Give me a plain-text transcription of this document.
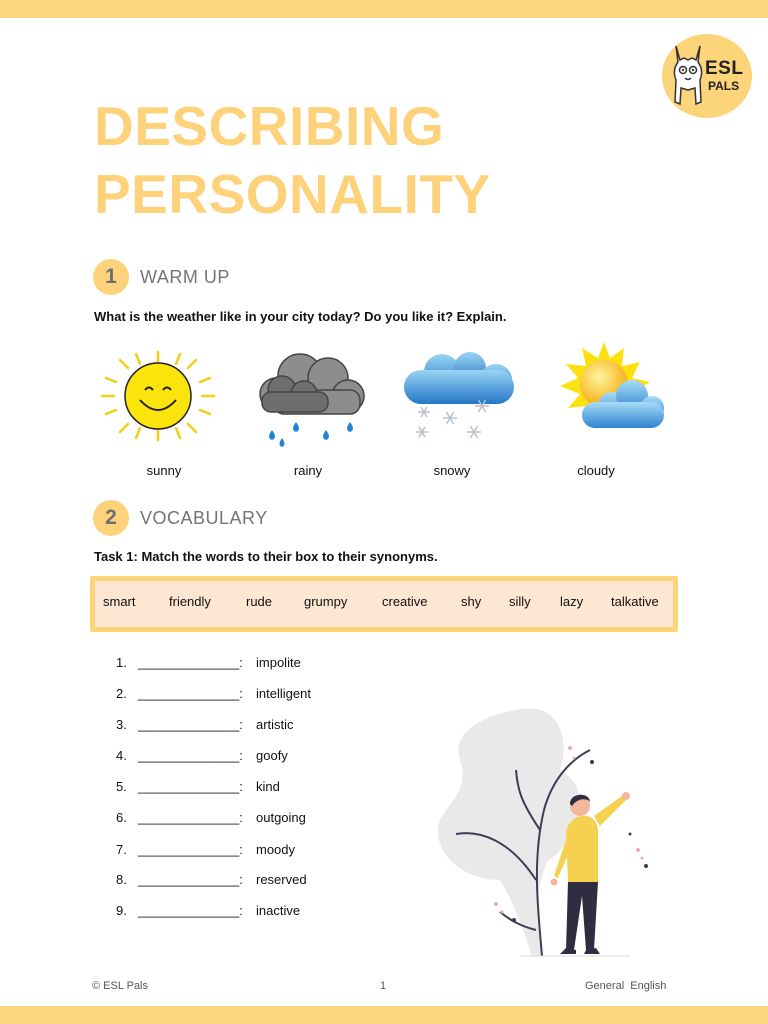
ESL
PALS
DESCRIBING
PERSONALITY
1	WARM UP
What is the weather like in your city today? Do you like it? Explain.
sunny	rainy	snowy	cloudy
2	VOCABULARY
Task 1: Match the words to their box to their synonyms.
smart	friendly	rude grumpy	creative	shy silly lazy talkative
1. ______________: impolite
2. ______________: intelligent
3. ______________: artistic
4. ______________: goofy
5. ______________: kind
6. ______________: outgoing
7. ______________: moody
8. ______________: reserved
9. ______________: inactive
© ESL Pals	1	General  English
